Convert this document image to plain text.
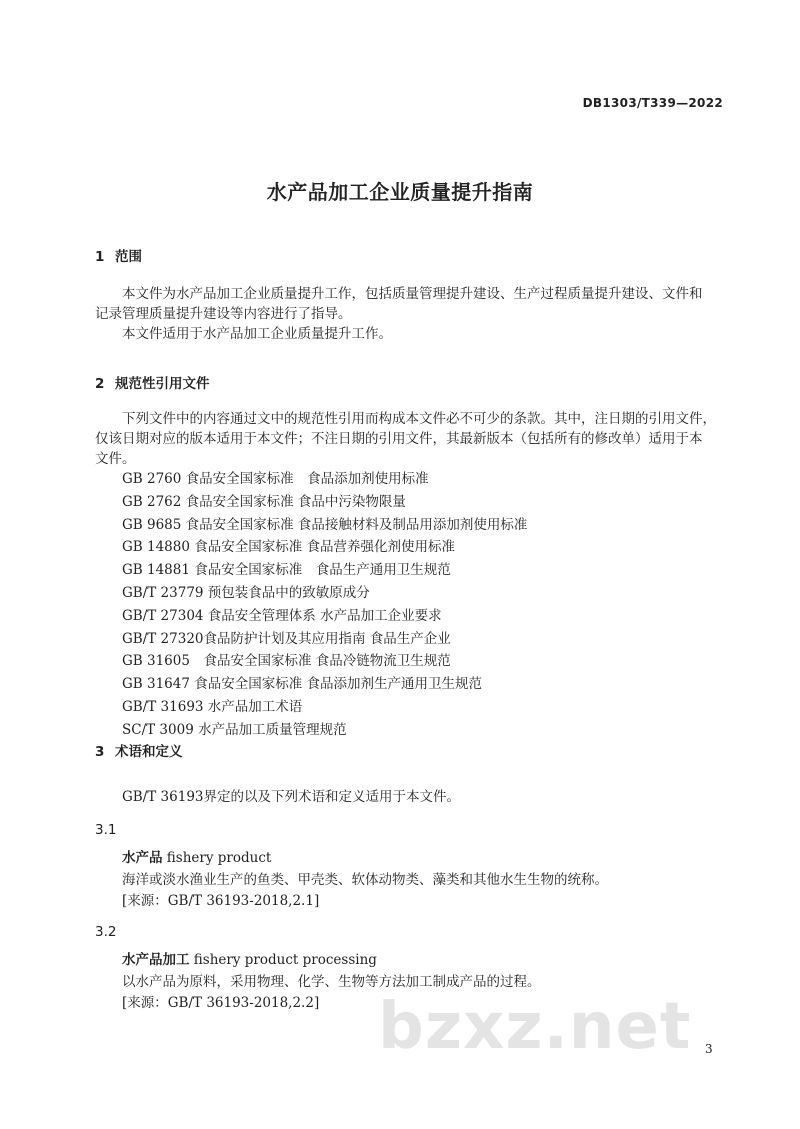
DB1303/T339—2022
水产品加工企业质量提升指南
1 范围
本文件为水产品加工企业质量提升工作，包括质量管理提升建设、生产过程质量提升建设、文件和
记录管理质量提升建设等内容进行了指导。
本文件适用于水产品加工企业质量提升工作。
2 规范性引用文件
下列文件中的内容通过文中的规范性引用而构成本文件必不可少的条款。其中，注日期的引用文件，
仅该日期对应的版本适用于本文件；不注日期的引用文件，其最新版本（包括所有的修改单）适用于本
文件。
GB 2760 食品安全国家标准　食品添加剂使用标准
GB 2762 食品安全国家标准 食品中污染物限量
GB 9685 食品安全国家标准 食品接触材料及制品用添加剂使用标准
GB 14880 食品安全国家标准 食品营养强化剂使用标准
GB 14881 食品安全国家标准　食品生产通用卫生规范
GB/T 23779 预包装食品中的致敏原成分
GB/T 27304 食品安全管理体系 水产品加工企业要求
GB/T 27320食品防护计划及其应用指南 食品生产企业
GB 31605　食品安全国家标准 食品冷链物流卫生规范
GB 31647 食品安全国家标准 食品添加剂生产通用卫生规范
GB/T 31693 水产品加工术语
SC/T 3009 水产品加工质量管理规范
3 术语和定义
GB/T 36193界定的以及下列术语和定义适用于本文件。
3.1
水产品 fishery product
海洋或淡水渔业生产的鱼类、甲壳类、软体动物类、藻类和其他水生生物的统称。
[来源：GB/T 36193-2018,2.1]
3.2
水产品加工 fishery product processing
以水产品为原料，采用物理、化学、生物等方法加工制成产品的过程。
[来源：GB/T 36193-2018,2.2] bzxz.net 3
